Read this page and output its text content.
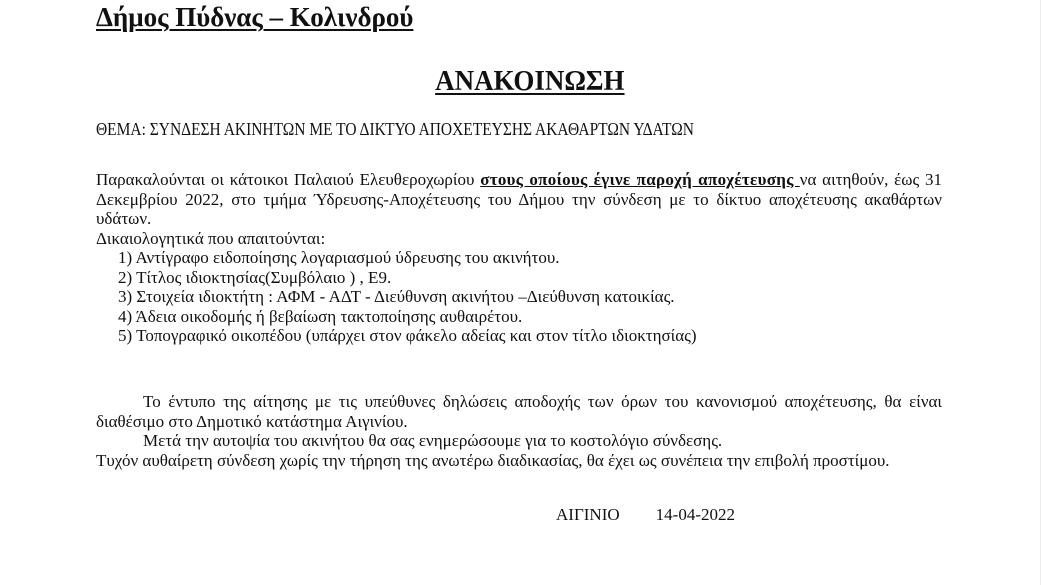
Δήμος Πύδνας – Κολινδρού
ΑΝΑΚΟΙΝΩΣΗ
ΘΕΜΑ: ΣΥΝΔΕΣΗ ΑΚΙΝΗΤΩΝ ΜΕ ΤΟ ΔΙΚΤΥΟ ΑΠΟΧΕΤΕΥΣΗΣ ΑΚΑΘΑΡΤΩΝ ΥΔΑΤΩΝ
Παρακαλούνται οι κάτοικοι Παλαιού Ελευθεροχωρίου στους οποίους έγινε παροχή αποχέτευσης να αιτηθούν, έως 31 Δεκεμβρίου 2022, στο τμήμα Ύδρευσης-Αποχέτευσης του Δήμου την σύνδεση με το δίκτυο αποχέτευσης ακαθάρτων υδάτων.
Δικαιολογητικά που απαιτούνται:
1) Αντίγραφο ειδοποίησης λογαριασμού ύδρευσης του ακινήτου.
2) Τίτλος ιδιοκτησίας(Συμβόλαιο ) , Ε9.
3) Στοιχεία ιδιοκτήτη : ΑΦΜ - ΑΔΤ - Διεύθυνση ακινήτου –Διεύθυνση κατοικίας.
4) Άδεια οικοδομής ή βεβαίωση τακτοποίησης αυθαιρέτου.
5) Τοπογραφικό οικοπέδου (υπάρχει στον φάκελο αδείας και στον τίτλο ιδιοκτησίας)
Το έντυπο της αίτησης με τις υπεύθυνες δηλώσεις αποδοχής των όρων του κανονισμού αποχέτευσης, θα είναι διαθέσιμο στο Δημοτικό κατάστημα Αιγινίου.
Μετά την αυτοψία του ακινήτου θα σας ενημερώσουμε για το κοστολόγιο σύνδεσης.
Τυχόν αυθαίρετη σύνδεση χωρίς την τήρηση της ανωτέρω διαδικασίας, θα έχει ως συνέπεια την επιβολή προστίμου.
ΑΙΓΙΝΙΟ 14-04-2022
